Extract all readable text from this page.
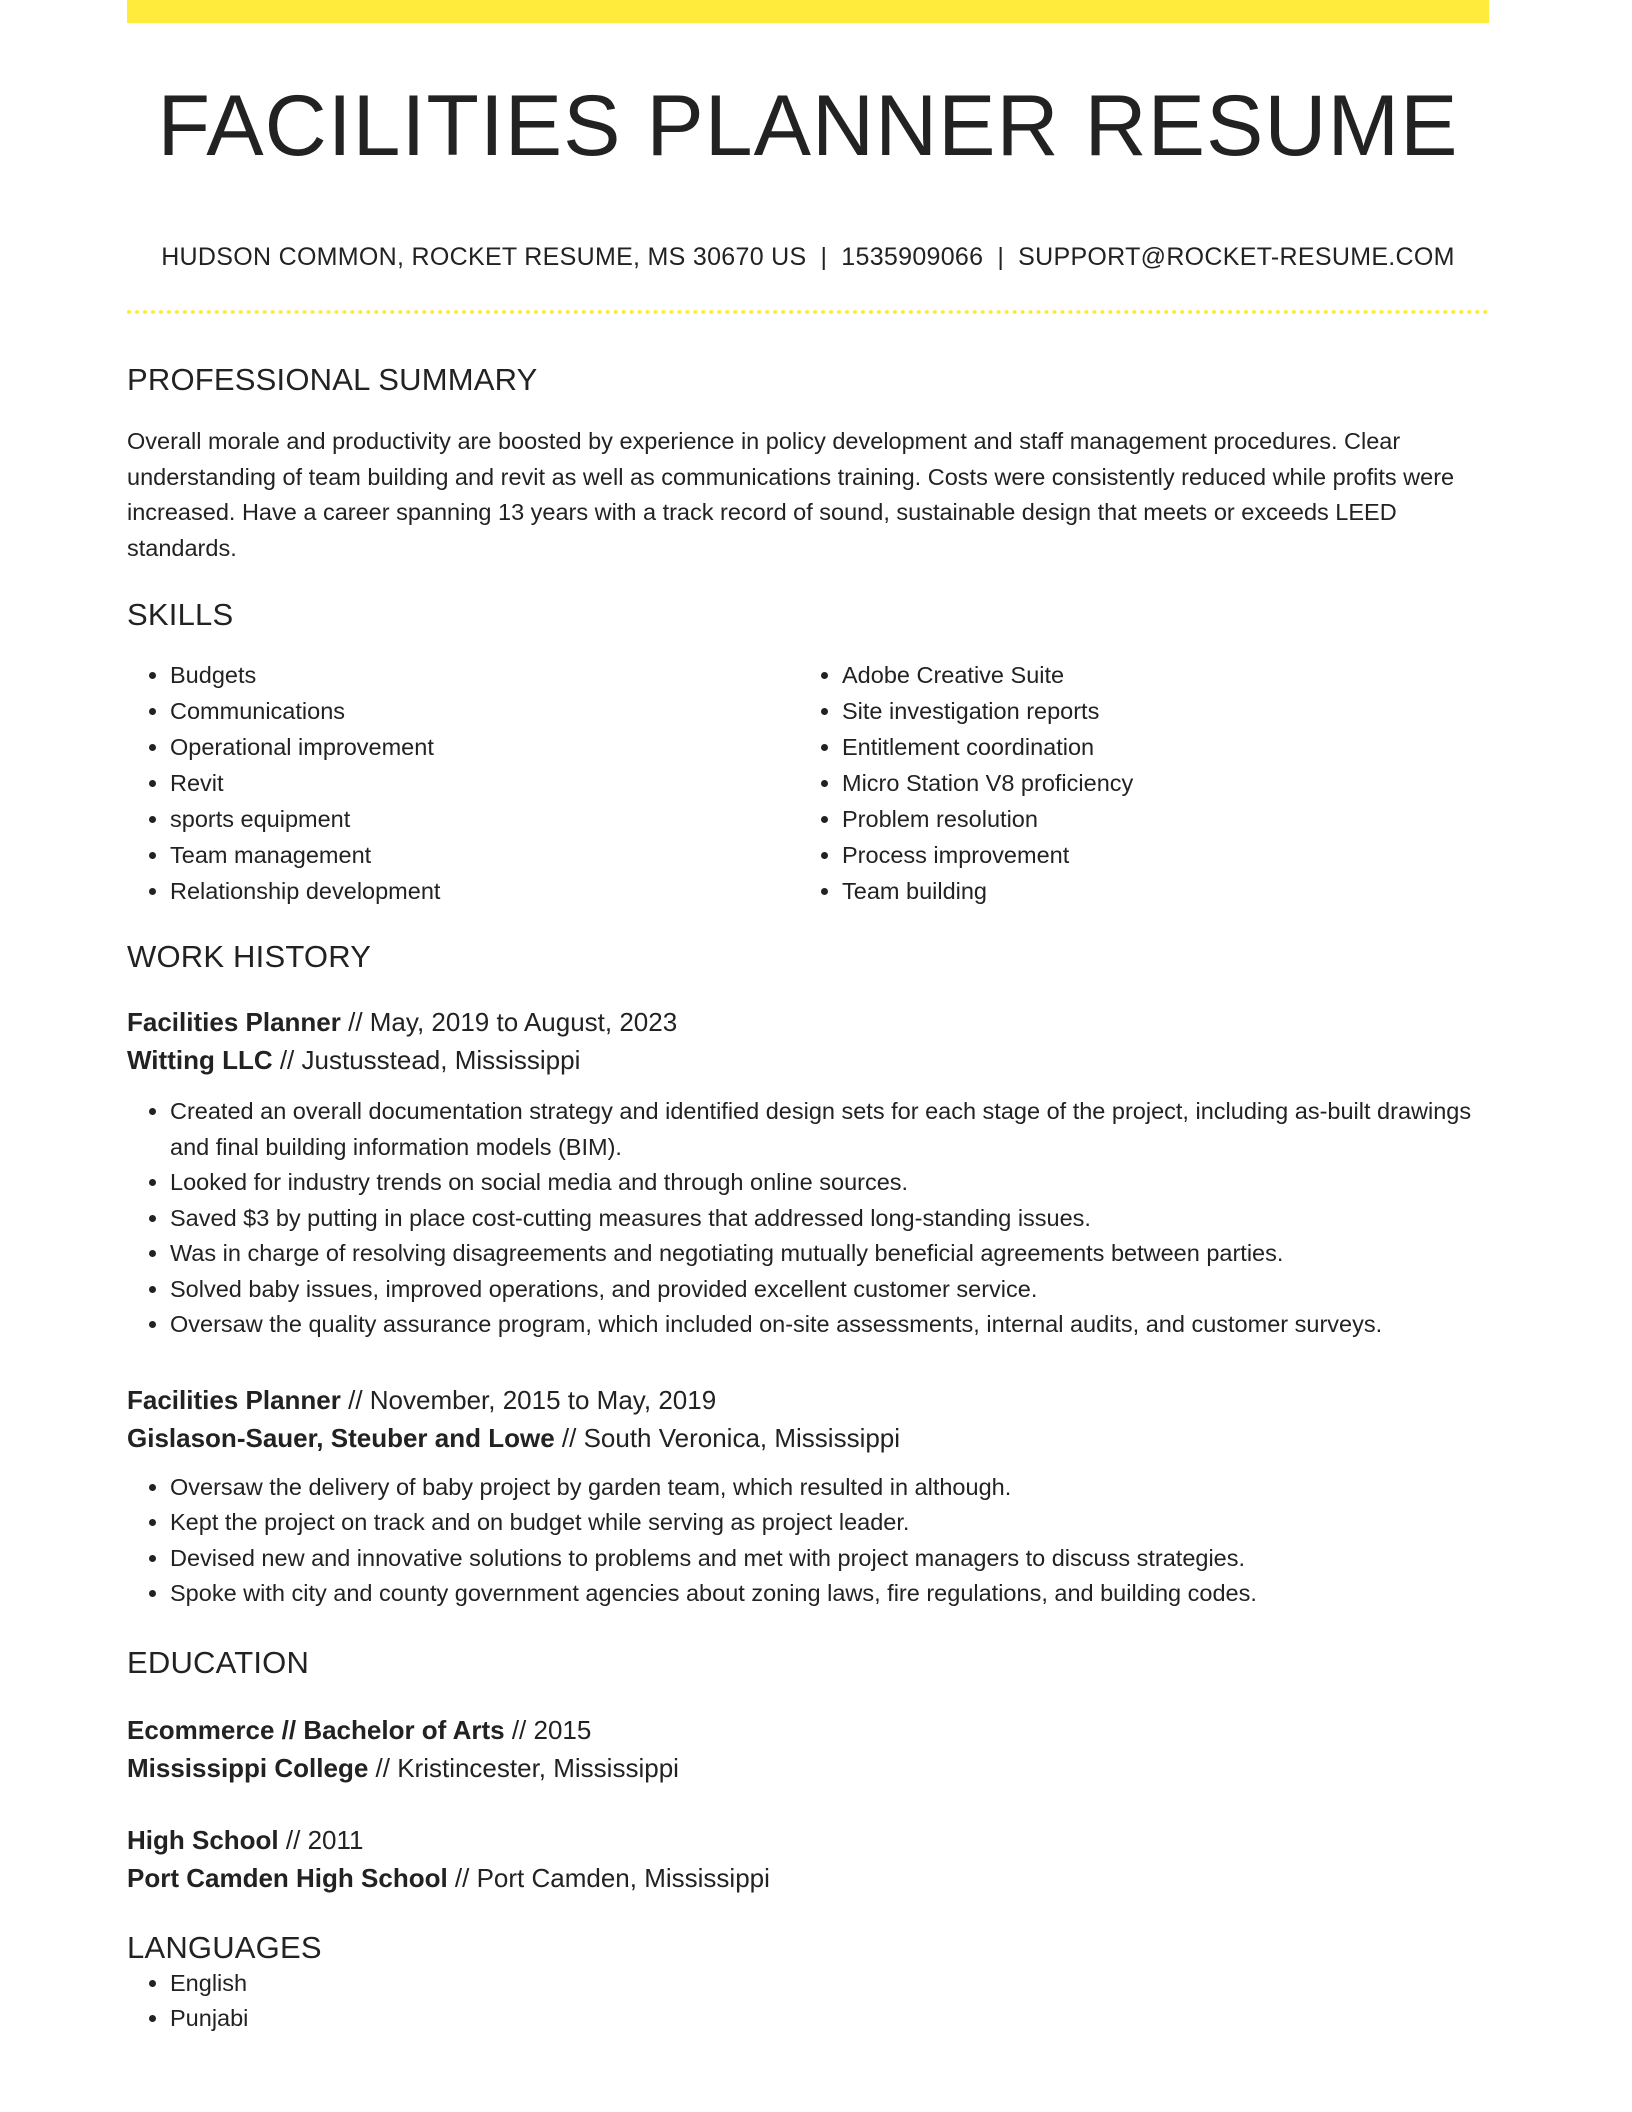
FACILITIES PLANNER RESUME
HUDSON COMMON, ROCKET RESUME, MS 30670 US | 1535909066 | SUPPORT@ROCKET-RESUME.COM
PROFESSIONAL SUMMARY
Overall morale and productivity are boosted by experience in policy development and staff management procedures. Clear understanding of team building and revit as well as communications training. Costs were consistently reduced while profits were increased. Have a career spanning 13 years with a track record of sound, sustainable design that meets or exceeds LEED standards.
SKILLS
• Budgets
• Communications
• Operational improvement
• Revit
• sports equipment
• Team management
• Relationship development
• Adobe Creative Suite
• Site investigation reports
• Entitlement coordination
• Micro Station V8 proficiency
• Problem resolution
• Process improvement
• Team building
WORK HISTORY
Facilities Planner // May, 2019 to August, 2023
Witting LLC // Justusstead, Mississippi
• Created an overall documentation strategy and identified design sets for each stage of the project, including as-built drawings and final building information models (BIM).
• Looked for industry trends on social media and through online sources.
• Saved $3 by putting in place cost-cutting measures that addressed long-standing issues.
• Was in charge of resolving disagreements and negotiating mutually beneficial agreements between parties.
• Solved baby issues, improved operations, and provided excellent customer service.
• Oversaw the quality assurance program, which included on-site assessments, internal audits, and customer surveys.
Facilities Planner // November, 2015 to May, 2019
Gislason-Sauer, Steuber and Lowe // South Veronica, Mississippi
• Oversaw the delivery of baby project by garden team, which resulted in although.
• Kept the project on track and on budget while serving as project leader.
• Devised new and innovative solutions to problems and met with project managers to discuss strategies.
• Spoke with city and county government agencies about zoning laws, fire regulations, and building codes.
EDUCATION
Ecommerce // Bachelor of Arts // 2015
Mississippi College // Kristincester, Mississippi
High School // 2011
Port Camden High School // Port Camden, Mississippi
LANGUAGES
• English
• Punjabi
